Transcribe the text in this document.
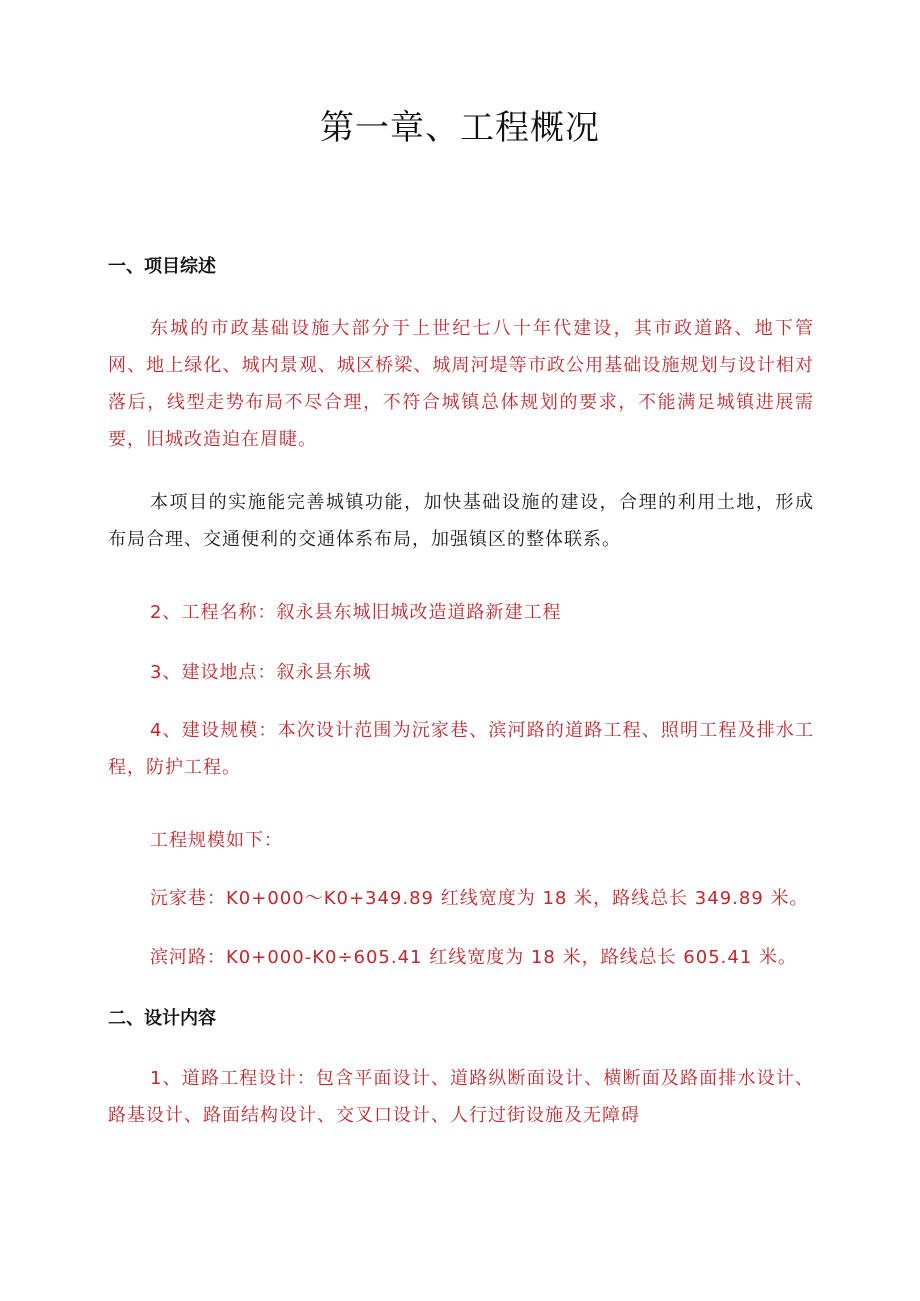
第一章、工程概况
一、项目综述
东城的市政基础设施大部分于上世纪七八十年代建设，其市政道路、地下管网、地上绿化、城内景观、城区桥梁、城周河堤等市政公用基础设施规划与设计相对落后，线型走势布局不尽合理，不符合城镇总体规划的要求，不能满足城镇进展需要，旧城改造迫在眉睫。
本项目的实施能完善城镇功能，加快基础设施的建设，合理的利用土地，形成布局合理、交通便利的交通体系布局，加强镇区的整体联系。
2、工程名称：叙永县东城旧城改造道路新建工程
3、建设地点：叙永县东城
4、建设规模：本次设计范围为沅家巷、滨河路的道路工程、照明工程及排水工程，防护工程。
工程规模如下：
沅家巷：K0+000～K0+349.89 红线宽度为 18 米，路线总长 349.89 米。
滨河路：K0+000-K0÷605.41 红线宽度为 18 米，路线总长 605.41 米。
二、设计内容
1、道路工程设计：包含平面设计、道路纵断面设计、横断面及路面排水设计、路基设计、路面结构设计、交叉口设计、人行过街设施及无障碍
